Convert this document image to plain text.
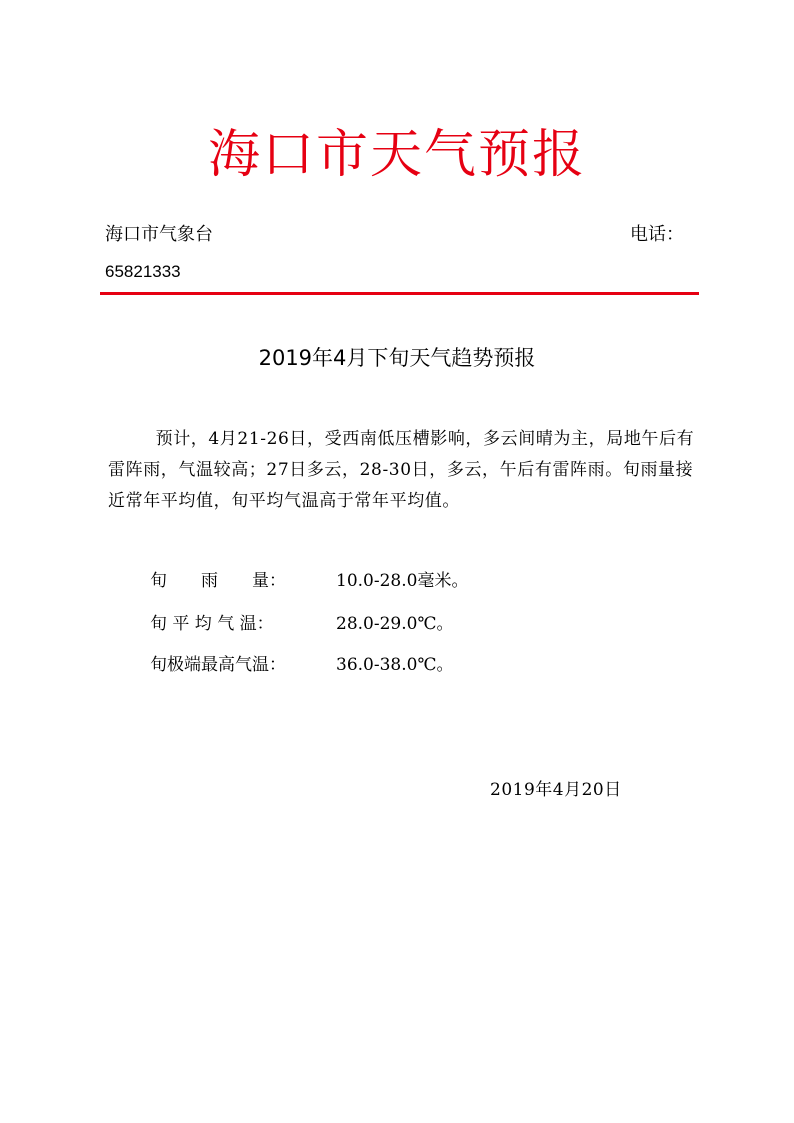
海口市天气预报
海口市气象台	电话：
65821333
2019年4月下旬天气趋势预报
预计，4月21-26日，受西南低压槽影响，多云间晴为主，局地午后有雷阵雨，气温较高；27日多云，28-30日，多云，午后有雷阵雨。旬雨量接近常年平均值，旬平均气温高于常年平均值。
旬　　雨　　量：	10.0-28.0毫米。
旬 平 均 气 温：	28.0-29.0℃。
旬极端最高气温：	36.0-38.0℃。
2019年4月20日
